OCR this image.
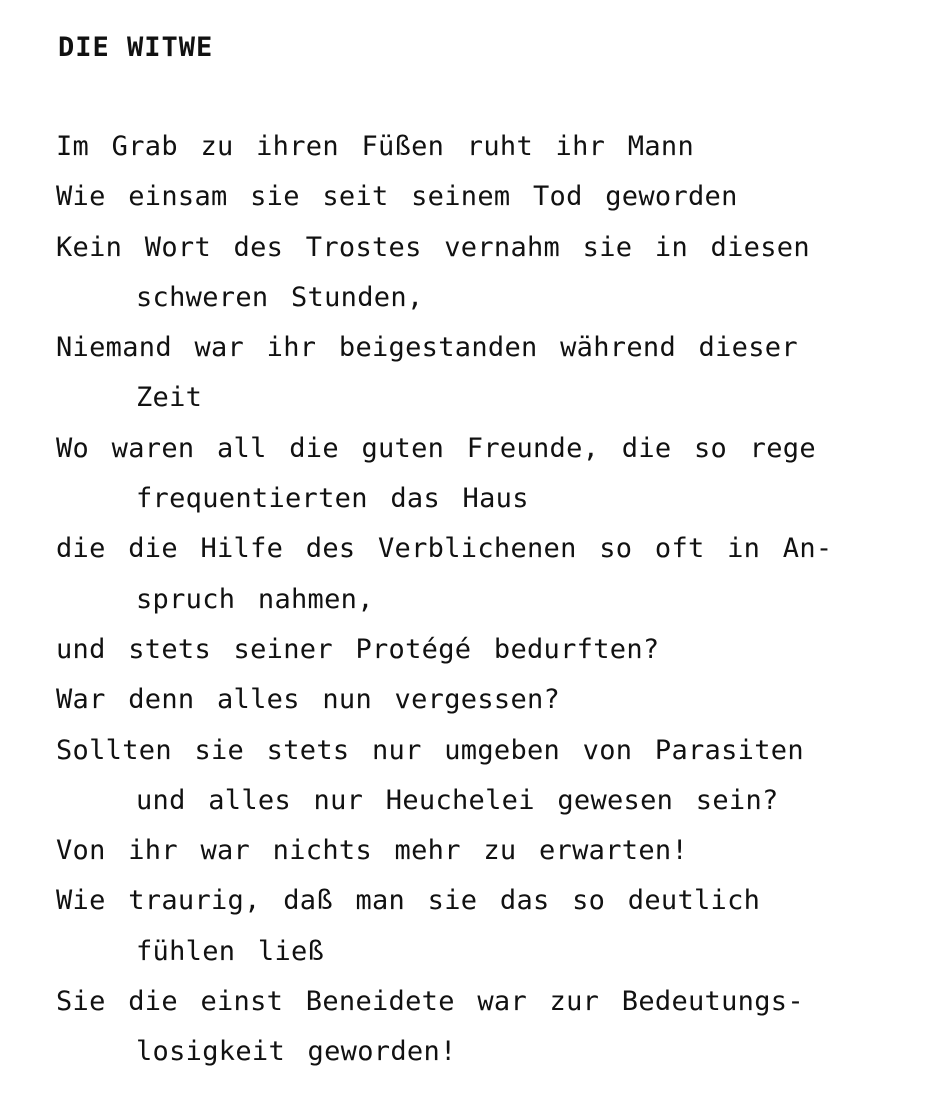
DIE WITWE
Im Grab zu ihren Füßen ruht ihr Mann
Wie einsam sie seit seinem Tod geworden
Kein Wort des Trostes vernahm sie in diesen
schweren Stunden,
Niemand war ihr beigestanden während dieser
Zeit
Wo waren all die guten Freunde, die so rege
frequentierten das Haus
die die Hilfe des Verblichenen so oft in An-
spruch nahmen,
und stets seiner Protégé bedurften?
War denn alles nun vergessen?
Sollten sie stets nur umgeben von Parasiten
und alles nur Heuchelei gewesen sein?
Von ihr war nichts mehr zu erwarten!
Wie traurig, daß man sie das so deutlich
fühlen ließ
Sie die einst Beneidete war zur Bedeutungs-
losigkeit geworden!
